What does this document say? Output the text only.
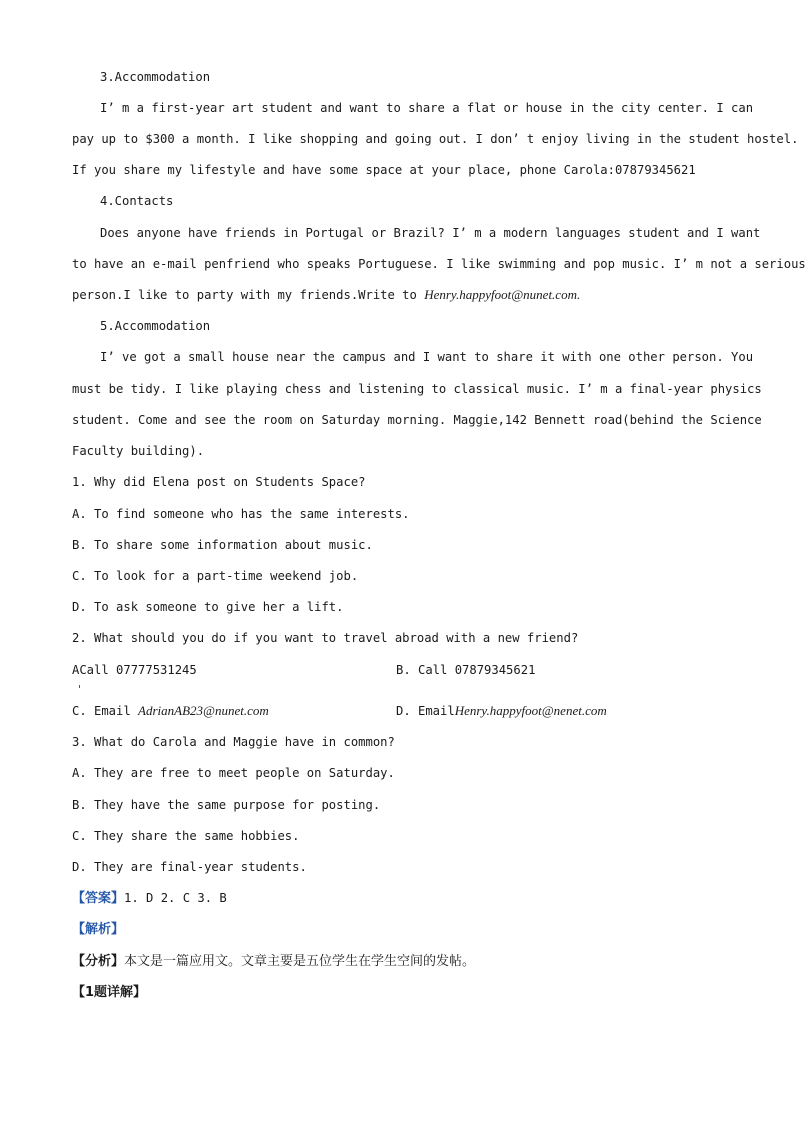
3.Accommodation
I’ m a first-year art student and want to share a flat or house in the city center. I can
pay up to $300 a month. I like shopping and going out. I don’ t enjoy living in the student hostel.
If you share my lifestyle and have some space at your place, phone Carola:07879345621
4.Contacts
Does anyone have friends in Portugal or Brazil? I’ m a modern languages student and I want
to have an e-mail penfriend who speaks Portuguese. I like swimming and pop music. I’ m not a serious
person.I like to party with my friends.Write to Henry.happyfoot@nunet.com.
5.Accommodation
I’ ve got a small house near the campus and I want to share it with one other person. You
must be tidy. I like playing chess and listening to classical music. I’ m a final-year physics
student. Come and see the room on Saturday morning. Maggie,142 Bennett road(behind the Science
Faculty building).
1. Why did Elena post on Students Space?
A. To find someone who has the same interests.
B. To share some information about music.
C. To look for a part-time weekend job.
D. To ask someone to give her a lift.
2. What should you do if you want to travel abroad with a new friend?
ACall 07777531245	B. Call 07879345621
C. Email AdrianAB23@nunet.com	D. EmailHenry.happyfoot@nenet.com
3. What do Carola and Maggie have in common?
A. They are free to meet people on Saturday.
B. They have the same purpose for posting.
C. They share the same hobbies.
D. They are final-year students.
【答案】1. D 2. C 3. B
【解析】
【分析】本文是一篇应用文。文章主要是五位学生在学生空间的发帖。
【1题详解】
